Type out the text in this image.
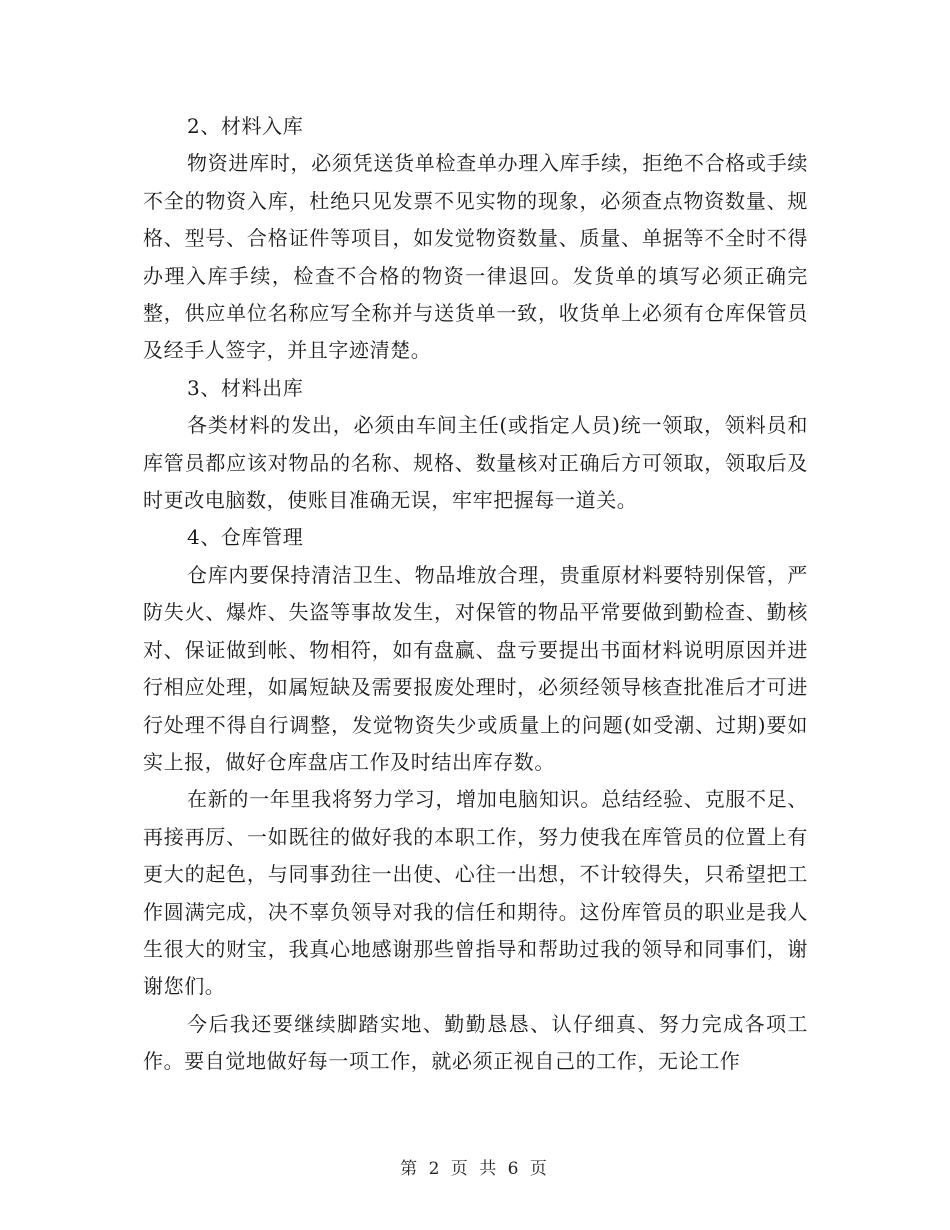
2、材料入库

物资进库时，必须凭送货单检查单办理入库手续，拒绝不合格或手续不全的物资入库，杜绝只见发票不见实物的现象，必须查点物资数量、规格、型号、合格证件等项目，如发觉物资数量、质量、单据等不全时不得办理入库手续，检查不合格的物资一律退回。发货单的填写必须正确完整，供应单位名称应写全称并与送货单一致，收货单上必须有仓库保管员及经手人签字，并且字迹清楚。

3、材料出库

各类材料的发出，必须由车间主任(或指定人员)统一领取，领料员和库管员都应该对物品的名称、规格、数量核对正确后方可领取，领取后及时更改电脑数，使账目准确无误，牢牢把握每一道关。

4、仓库管理

仓库内要保持清洁卫生、物品堆放合理，贵重原材料要特别保管，严防失火、爆炸、失盗等事故发生，对保管的物品平常要做到勤检查、勤核对、保证做到帐、物相符，如有盘赢、盘亏要提出书面材料说明原因并进行相应处理，如属短缺及需要报废处理时，必须经领导核查批准后才可进行处理不得自行调整，发觉物资失少或质量上的问题(如受潮、过期)要如实上报，做好仓库盘店工作及时结出库存数。

在新的一年里我将努力学习，增加电脑知识。总结经验、克服不足、再接再厉、一如既往的做好我的本职工作，努力使我在库管员的位置上有更大的起色，与同事劲往一出使、心往一出想，不计较得失，只希望把工作圆满完成，决不辜负领导对我的信任和期待。这份库管员的职业是我人生很大的财宝，我真心地感谢那些曾指导和帮助过我的领导和同事们，谢谢您们。

今后我还要继续脚踏实地、勤勤恳恳、认仔细真、努力完成各项工作。要自觉地做好每一项工作，就必须正视自己的工作，无论工作

第 2 页 共 6 页
